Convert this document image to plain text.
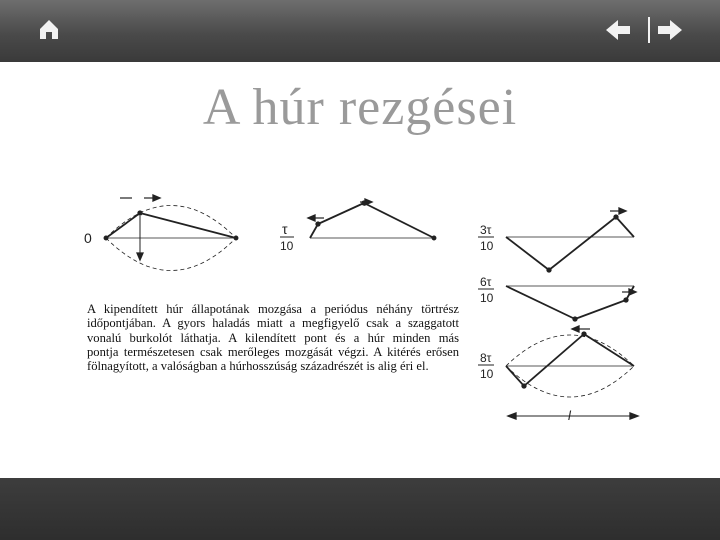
A húr rezgései
0
τ
10
3τ
10
6τ
10
8τ
10
l
A kipendített húr állapotának mozgása a periódus néhány törtrész
időpontjában. A gyors haladás miatt a megfigyelő csak a szaggatott
vonalú burkolót láthatja. A kilendített pont és a húr minden más
pontja természetesen csak merőleges mozgását végzi. A kitérés erősen
fölnagyított, a valóságban a húrhosszúság századrészét is alig éri el.
